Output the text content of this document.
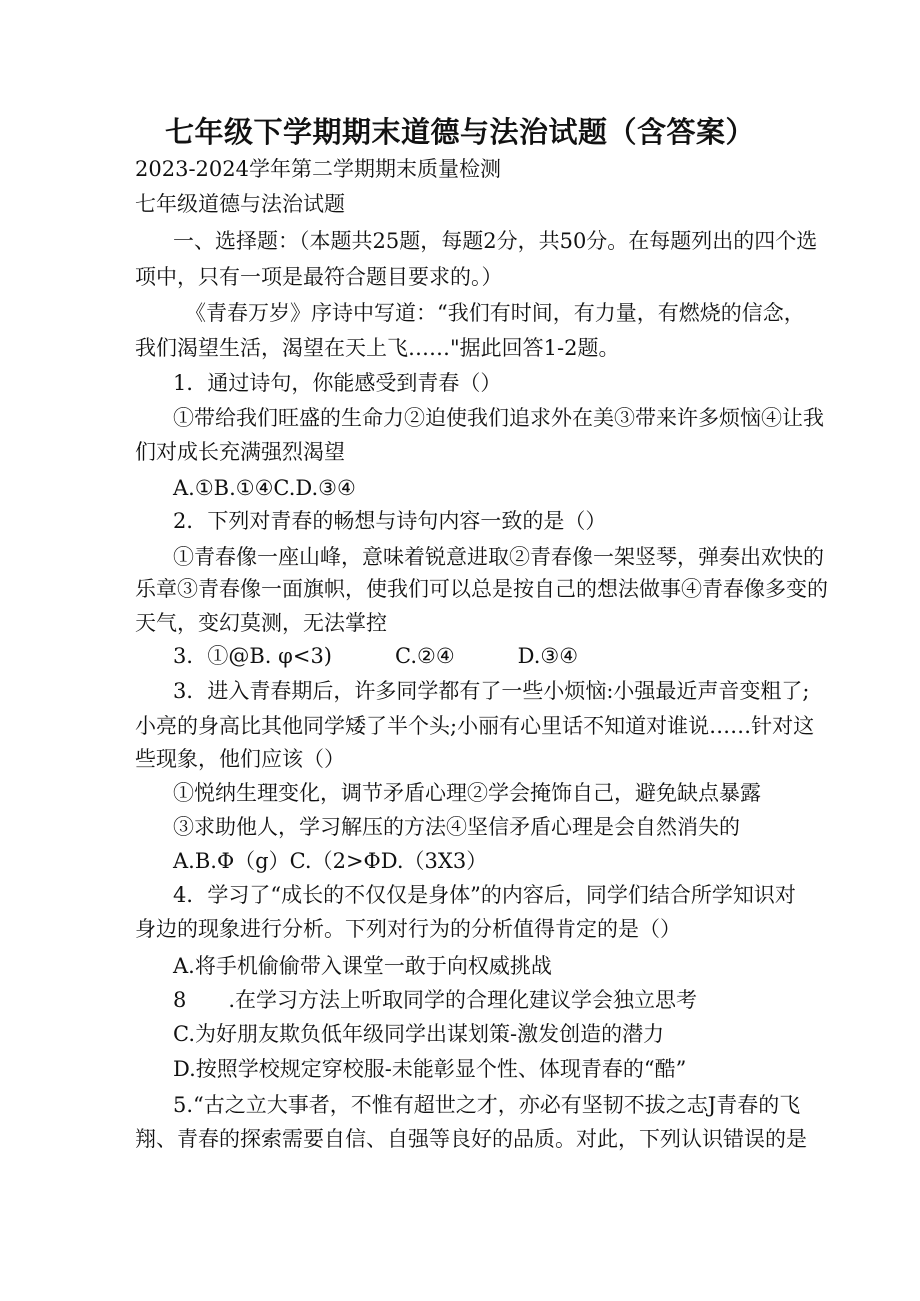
七年级下学期期末道德与法治试题（含答案）
2023-2024学年第二学期期末质量检测
七年级道德与法治试题
一、选择题：（本题共25题，每题2分，共50分。在每题列出的四个选
项中，只有一项是最符合题目要求的。）
《青春万岁》序诗中写道：“我们有时间，有力量，有燃烧的信念，
我们渴望生活，渴望在天上飞……"据此回答1-2题。
1．通过诗句，你能感受到青春（）
①带给我们旺盛的生命力②迫使我们追求外在美③带来许多烦恼④让我
们对成长充满强烈渴望
A.①B.①④C.D.③④
2．下列对青春的畅想与诗句内容一致的是（）
①青春像一座山峰，意味着锐意进取②青春像一架竖琴，弹奏出欢快的
乐章③青春像一面旗帜，使我们可以总是按自己的想法做事④青春像多变的
天气，变幻莫测，无法掌控
3．①@B. φ<3)　　　C.②④　　　D.③④
3．进入青春期后，许多同学都有了一些小烦恼:小强最近声音变粗了;
小亮的身高比其他同学矮了半个头;小丽有心里话不知道对谁说……针对这
些现象，他们应该（）
①悦纳生理变化，调节矛盾心理②学会掩饰自己，避免缺点暴露
③求助他人，学习解压的方法④坚信矛盾心理是会自然消失的
A.B.Φ（g）C.（2>ΦD.（3X3）
4．学习了“成长的不仅仅是身体”的内容后，同学们结合所学知识对
身边的现象进行分析。下列对行为的分析值得肯定的是（）
A.将手机偷偷带入课堂一敢于向权威挑战
8　　.在学习方法上听取同学的合理化建议学会独立思考
C.为好朋友欺负低年级同学出谋划策-激发创造的潜力
D.按照学校规定穿校服-未能彰显个性、体现青春的“酷”
5.“古之立大事者，不惟有超世之才，亦必有坚韧不拔之志J青春的飞
翔、青春的探索需要自信、自强等良好的品质。对此，下列认识错误的是
